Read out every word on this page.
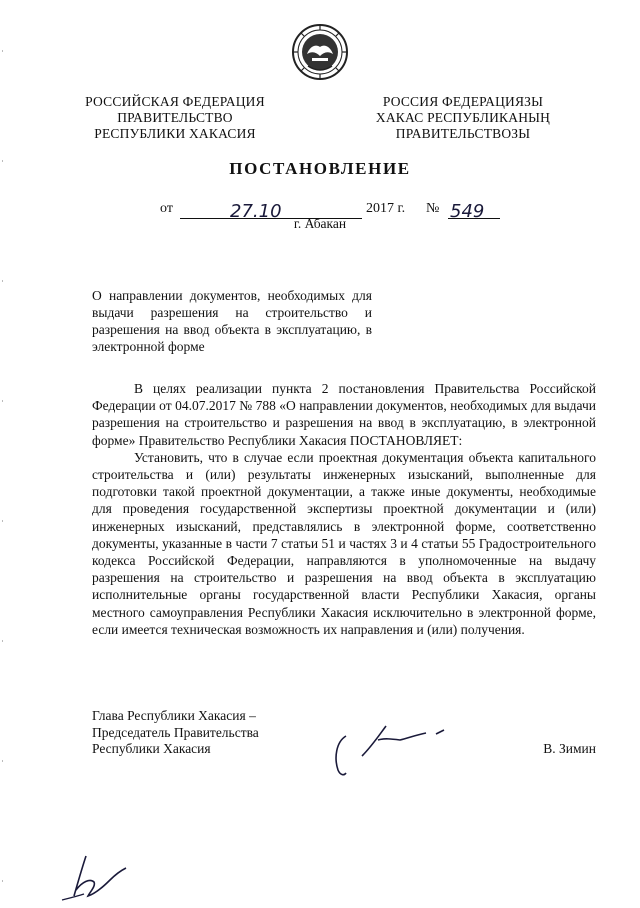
РОССИЙСКАЯ ФЕДЕРАЦИЯ
ПРАВИТЕЛЬСТВО
РЕСПУБЛИКИ ХАКАСИЯ
РОССИЯ ФЕДЕРАЦИЯЗЫ
ХАКАС РЕСПУБЛИКАНЫҢ
ПРАВИТЕЛЬСТВОЗЫ
ПОСТАНОВЛЕНИЕ
от	27.10	2017 г. № 549
г. Абакан
О направлении документов, необходимых для выдачи разрешения на строительство и разрешения на ввод объекта в эксплуатацию, в электронной форме

В целях реализации пункта 2 постановления Правительства Российской Федерации от 04.07.2017 № 788 «О направлении документов, необходимых для выдачи разрешения на строительство и разрешения на ввод в эксплуатацию, в электронной форме» Правительство Республики Хакасия ПОСТАНОВЛЯЕТ:

Установить, что в случае если проектная документация объекта капитального строительства и (или) результаты инженерных изысканий, выполненные для подготовки такой проектной документации, а также иные документы, необходимые для проведения государственной экспертизы проектной документации и (или) инженерных изысканий, представлялись в электронной форме, соответственно документы, указанные в части 7 статьи 51 и частях 3 и 4 статьи 55 Градостроительного кодекса Российской Федерации, направляются в уполномоченные на выдачу разрешения на строительство и разрешения на ввод объекта в эксплуатацию исполнительные органы государственной власти Республики Хакасия, органы местного самоуправления Республики Хакасия исключительно в электронной форме, если имеется техническая возможность их направления и (или) получения.

Глава Республики Хакасия –
Председатель Правительства
Республики Хакасия	В. Зимин
